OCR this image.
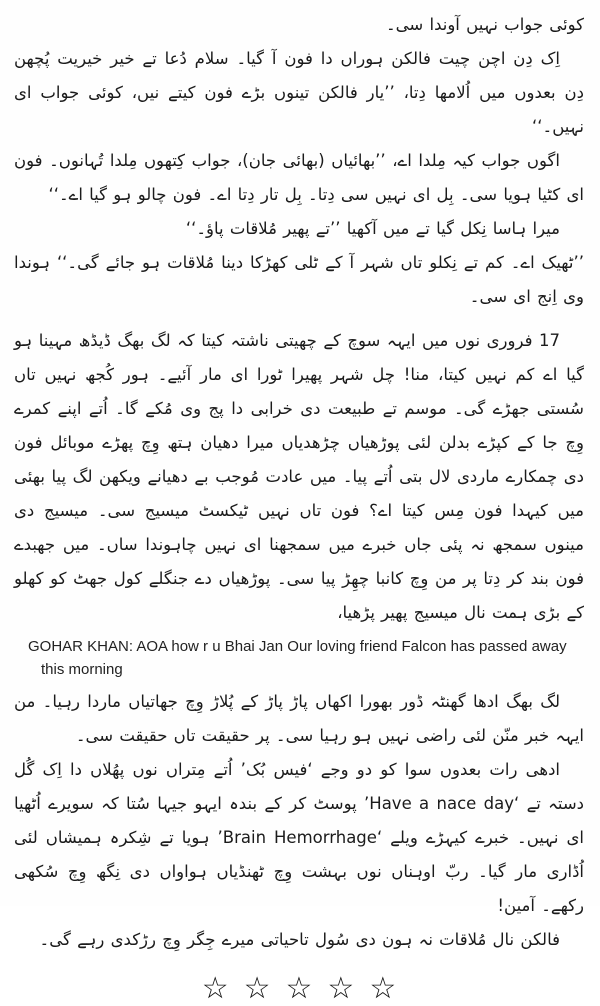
کوئی جواب نہیں آوندا سی۔

اِک دِن اچن چیت فالکن ہوراں دا فون آ گیا۔ سلام دُعا تے خیر خیریت پُچھن دِن بعدوں میں اُلامھا دِتا، ’’یار فالکن تینوں بڑے فون کیتے نیں، کوئی جواب ای نہیں۔‘‘

اگوں جواب کیہ مِلدا اے، ’’بھائیاں (بھائی جان)، جواب کِتھوں مِلدا تُہانوں۔ فون ای کٹیا ہویا سی۔ بِل ای نہیں سی دِتا۔ بِل تار دِتا اے۔ فون چالو ہو گیا اے۔‘‘

میرا ہاسا نِکل گیا تے میں آکھیا ’’تے پھیر مُلاقات پاؤ۔‘‘

’’ٹھیک اے۔ کم تے نِکلو تاں شہر آ کے ٹلی کھڑکا دینا مُلاقات ہو جائے گی۔‘‘ ہوندا وی اِنج ای سی۔

17 فروری نوں میں ایہہ سوچ کے چھیتی ناشتہ کیتا کہ لگ بھگ ڈیڈھ مہینا ہو گیا اے کم نہیں کیتا، منا! چل شہر پھیرا ٹورا ای مار آئیے۔ ہور کُجھ نہیں تاں سُستی جھڑے گی۔ موسم تے طبیعت دی خرابی دا پج وی مُکے گا۔ اُتے اپنے کمرے وِچ جا کے کپڑے بدلن لئی پوڑھیاں چڑھدیاں میرا دھیان ہتھ وِچ پھڑے موبائل فون دی چمکارے ماردی لال بتی اُتے پیا۔ میں عادت مُوجب بے دھیانے ویکھن لگ پیا بھئی میں کیہدا فون مِس کیتا اے؟ فون تاں نہیں ٹیکسٹ میسیج سی۔ میسیج دی مینوں سمجھ نہ پئی جاں خبرے میں سمجھنا ای نہیں چاہوندا ساں۔ میں جھبدے فون بند کر دِتا پر من وِچ کانبا چھِڑ پیا سی۔ پوڑھیاں دے جنگلے کول جھٹ کو کھلو کے بڑی ہمت نال میسیج پھیر پڑھیا،

GOHAR KHAN: AOA how r u Bhai Jan Our loving friend Falcon has passed away
this morning

لگ بھگ ادھا گھنٹہ ڈور بھورا اکھاں پاڑ پاڑ کے پُلاڑ وِچ جھاتیاں ماردا رہیا۔ من ایہہ خبر منّن لئی راضی نہیں ہو رہیا سی۔ پر حقیقت تاں حقیقت سی۔

ادھی رات بعدوں سوا کو دو وجے ‘فیس بُک’ اُتے مِتراں نوں پھُلاں دا اِک گُل دستہ تے ‘Have a nace day’ پوسٹ کر کے بندہ ایہو جیہا سُتا کہ سویرے اُٹھیا ای نہیں۔ خبرے کیہڑے ویلے ‘Brain Hemorrhage’ ہویا تے شِکرہ ہمیشاں لئی اُڈاری مار گیا۔ ربّ اوہناں نوں بہشت وِچ ٹھنڈیاں ہواواں دی نِگھ وِچ سُکھی رکھے۔ آمین!

فالکن نال مُلاقات نہ ہون دی سُول تاحیاتی میرے جِگر وِچ رڑکدی رہے گی۔

☆☆☆☆☆
